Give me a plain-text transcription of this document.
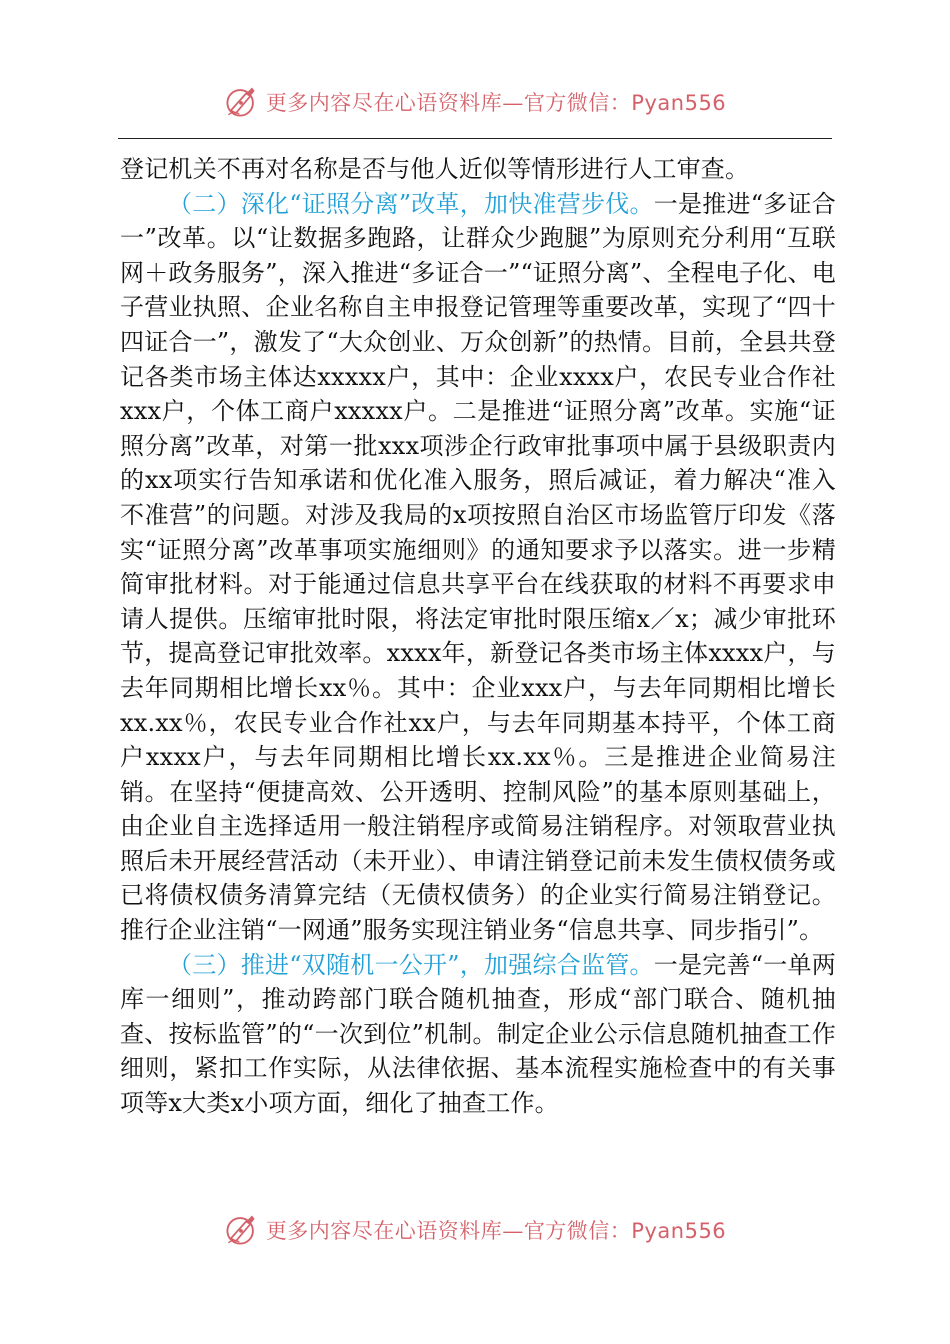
更多内容尽在心语资料库—官方微信：Pyan556

登记机关不再对名称是否与他人近似等情形进行人工审查。

（二）深化“证照分离”改革，加快准营步伐。一是推进“多证合一”改革。以“让数据多跑路，让群众少跑腿”为原则充分利用“互联网＋政务服务”，深入推进“多证合一”“证照分离”、全程电子化、电子营业执照、企业名称自主申报登记管理等重要改革，实现了“四十四证合一”，激发了“大众创业、万众创新”的热情。目前，全县共登记各类市场主体达xxxxx户，其中：企业xxxx户，农民专业合作社xxx户，个体工商户xxxxx户。二是推进“证照分离”改革。实施“证照分离”改革，对第一批xxx项涉企行政审批事项中属于县级职责内的xx项实行告知承诺和优化准入服务，照后减证，着力解决“准入不准营”的问题。对涉及我局的x项按照自治区市场监管厅印发《落实“证照分离”改革事项实施细则》的通知要求予以落实。进一步精简审批材料。对于能通过信息共享平台在线获取的材料不再要求申请人提供。压缩审批时限，将法定审批时限压缩x／x；减少审批环节，提高登记审批效率。xxxx年，新登记各类市场主体xxxx户，与去年同期相比增长xx％。其中：企业xxx户，与去年同期相比增长xx.xx％，农民专业合作社xx户，与去年同期基本持平，个体工商户xxxx户，与去年同期相比增长xx.xx％。三是推进企业简易注销。在坚持“便捷高效、公开透明、控制风险”的基本原则基础上，由企业自主选择适用一般注销程序或简易注销程序。对领取营业执照后未开展经营活动（未开业）、申请注销登记前未发生债权债务或已将债权债务清算完结（无债权债务）的企业实行简易注销登记。推行企业注销“一网通”服务实现注销业务“信息共享、同步指引”。

（三）推进“双随机一公开”，加强综合监管。一是完善“一单两库一细则”，推动跨部门联合随机抽查，形成“部门联合、随机抽查、按标监管”的“一次到位”机制。制定企业公示信息随机抽查工作细则，紧扣工作实际，从法律依据、基本流程实施检查中的有关事项等x大类x小项方面，细化了抽查工作。

更多内容尽在心语资料库—官方微信：Pyan556
